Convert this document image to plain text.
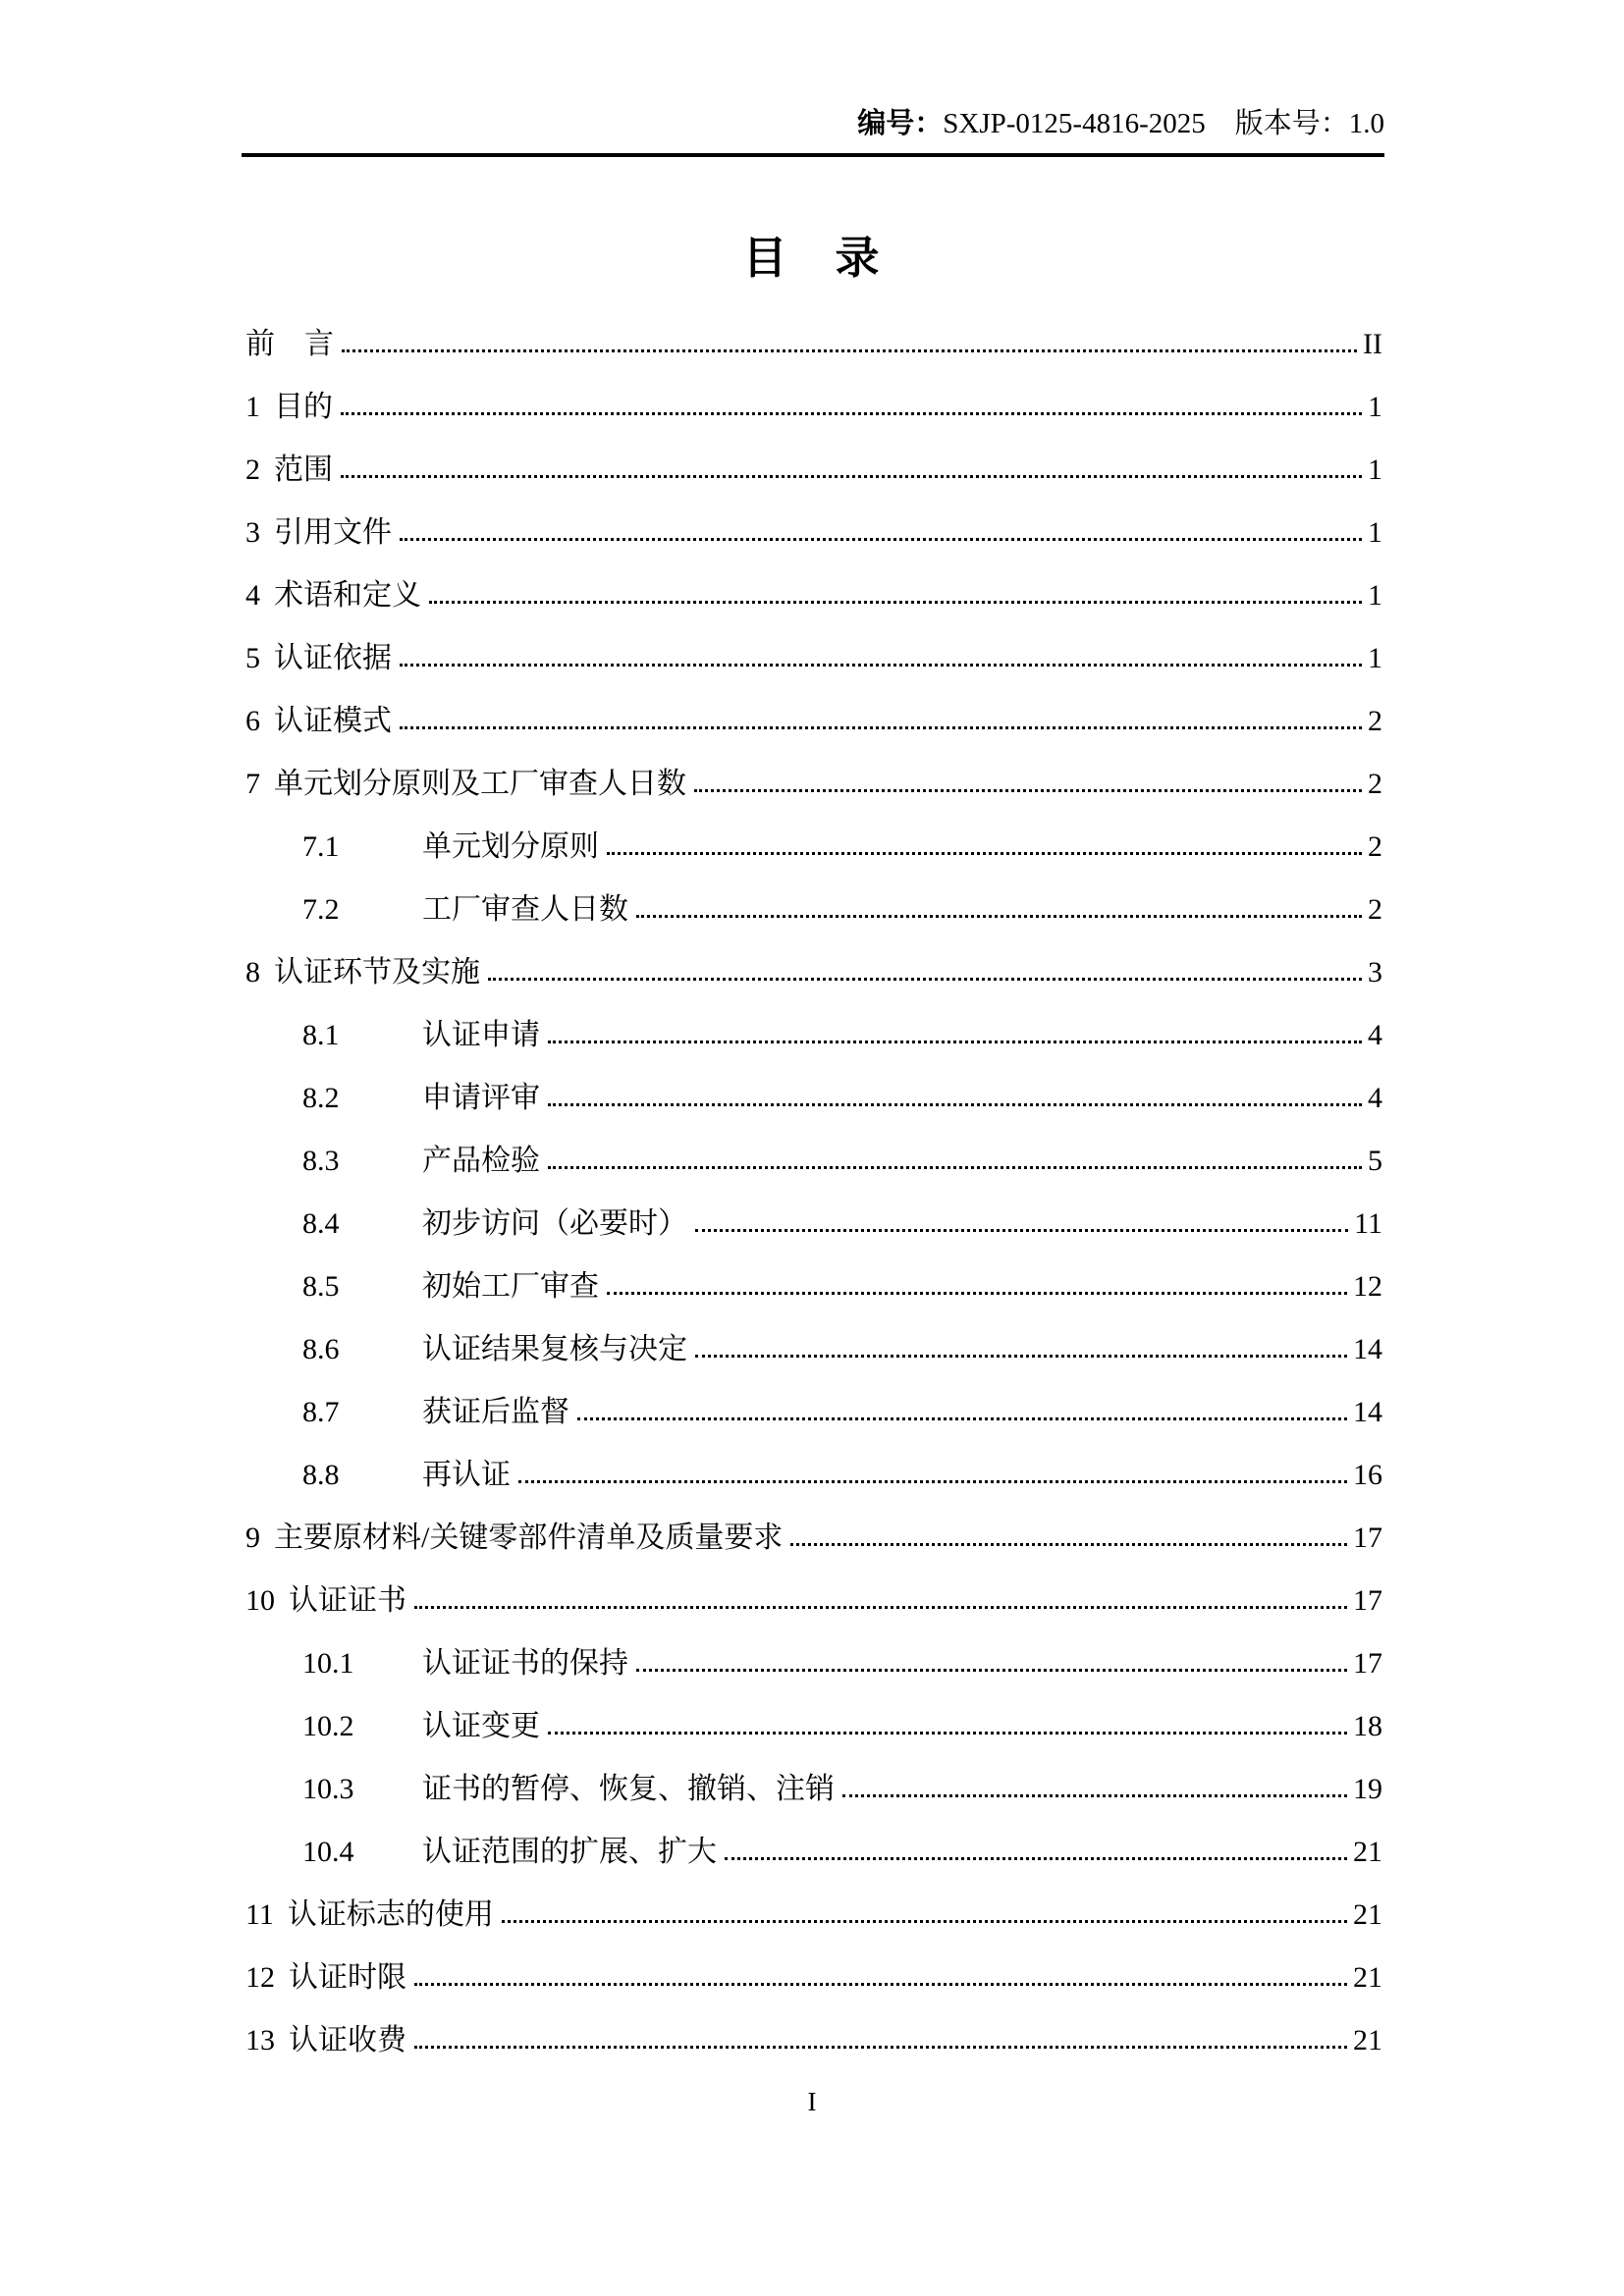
编号：SXJP-0125-4816-2025 版本号：1.0
目　录
前　言	II
1 目的	1
2 范围	1
3 引用文件	1
4 术语和定义	1
5 认证依据	1
6 认证模式	2
7 单元划分原则及工厂审查人日数	2
7.1	单元划分原则	2
7.2	工厂审查人日数	2
8 认证环节及实施	3
8.1	认证申请	4
8.2	申请评审	4
8.3	产品检验	5
8.4	初步访问（必要时）	11
8.5	初始工厂审查	12
8.6	认证结果复核与决定	14
8.7	获证后监督	14
8.8	再认证	16
9 主要原材料/关键零部件清单及质量要求	17
10 认证证书	17
10.1	认证证书的保持	17
10.2	认证变更	18
10.3	证书的暂停、恢复、撤销、注销	19
10.4	认证范围的扩展、扩大	21
11 认证标志的使用	21
12 认证时限	21
13 认证收费	21
I
